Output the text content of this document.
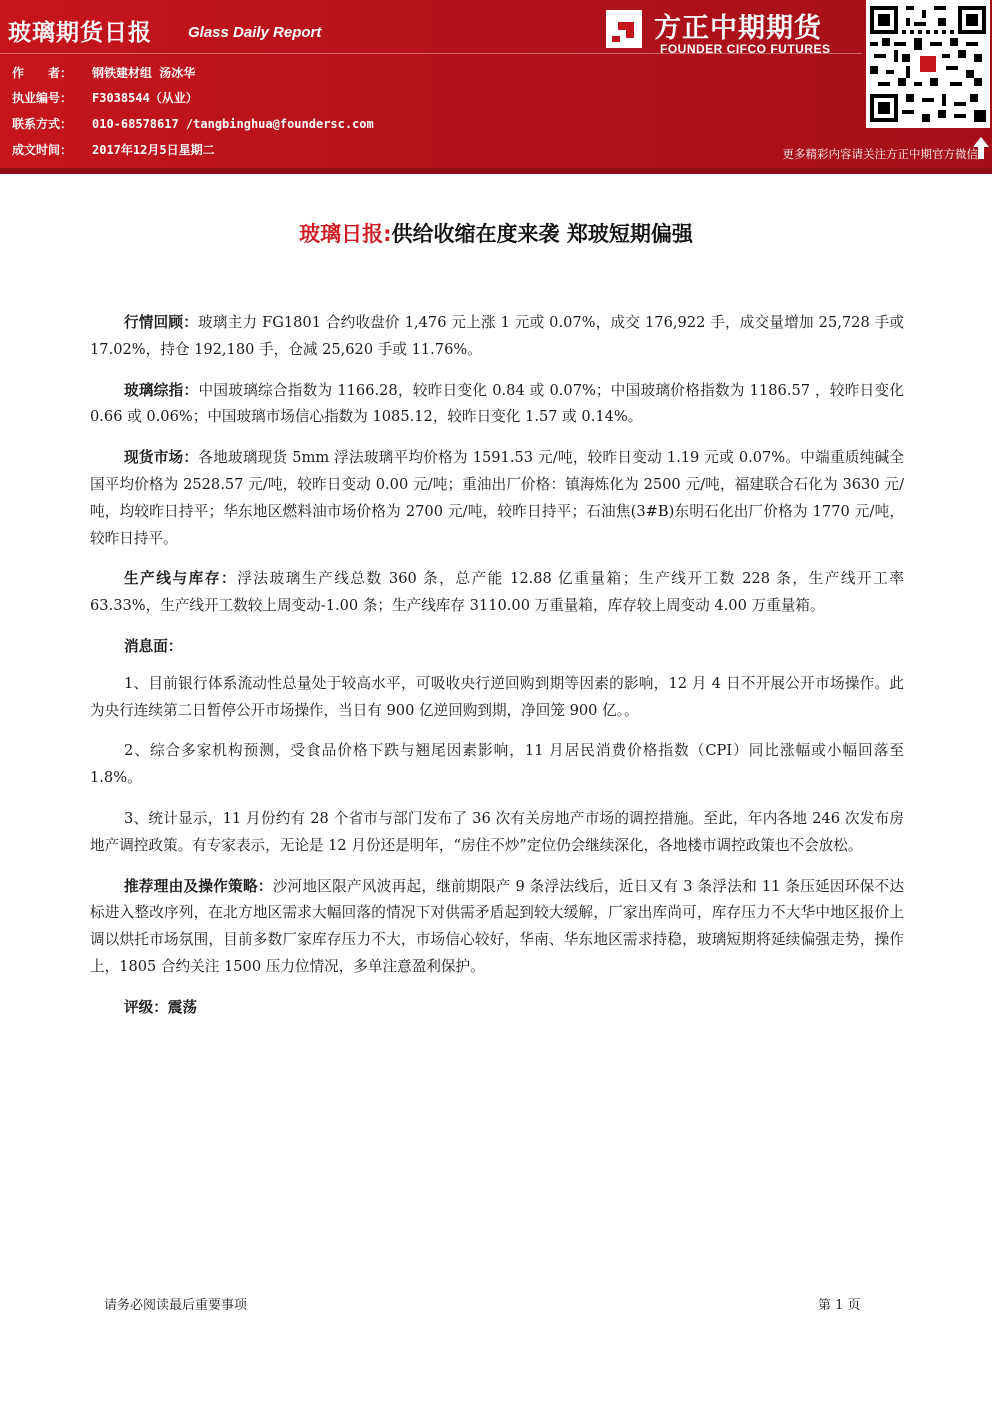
玻璃期货日报 Glass Daily Report
作　　者： 钢铁建材组 汤冰华
执业编号： F3038544（从业）
联系方式： 010-68578617 /tangbinghua@foundersc.com
成文时间： 2017年12月5日星期二
方正中期期货
FOUNDER CIFCO FUTURES
更多精彩内容请关注方正中期官方微信
玻璃日报:供给收缩在度来袭 郑玻短期偏强

行情回顾：玻璃主力 FG1801 合约收盘价 1,476 元上涨 1 元或 0.07%，成交 176,922 手，成交量增加 25,728 手或 17.02%，持仓 192,180 手，仓减 25,620 手或 11.76%。

玻璃综指：中国玻璃综合指数为 1166.28，较昨日变化 0.84 或 0.07%；中国玻璃价格指数为 1186.57 ，较昨日变化 0.66 或 0.06%；中国玻璃市场信心指数为 1085.12，较昨日变化 1.57 或 0.14%。

现货市场：各地玻璃现货 5mm 浮法玻璃平均价格为 1591.53 元/吨，较昨日变动 1.19 元或 0.07%。中端重质纯碱全国平均价格为 2528.57 元/吨，较昨日变动 0.00 元/吨；重油出厂价格：镇海炼化为 2500 元/吨，福建联合石化为 3630 元/吨，均较昨日持平；华东地区燃料油市场价格为 2700 元/吨，较昨日持平；石油焦(3#B)东明石化出厂价格为 1770 元/吨，较昨日持平。

生产线与库存：浮法玻璃生产线总数 360 条，总产能 12.88 亿重量箱；生产线开工数 228 条，生产线开工率 63.33%，生产线开工数较上周变动-1.00 条；生产线库存 3110.00 万重量箱，库存较上周变动 4.00 万重量箱。

消息面：

1、目前银行体系流动性总量处于较高水平，可吸收央行逆回购到期等因素的影响，12 月 4 日不开展公开市场操作。此为央行连续第二日暂停公开市场操作，当日有 900 亿逆回购到期，净回笼 900 亿。。

2、综合多家机构预测，受食品价格下跌与翘尾因素影响，11 月居民消费价格指数（CPI）同比涨幅或小幅回落至 1.8%。

3、统计显示，11 月份约有 28 个省市与部门发布了 36 次有关房地产市场的调控措施。至此，年内各地 246 次发布房地产调控政策。有专家表示，无论是 12 月份还是明年，“房住不炒”定位仍会继续深化，各地楼市调控政策也不会放松。

推荐理由及操作策略：沙河地区限产风波再起，继前期限产 9 条浮法线后，近日又有 3 条浮法和 11 条压延因环保不达标进入整改序列，在北方地区需求大幅回落的情况下对供需矛盾起到较大缓解，厂家出库尚可，库存压力不大华中地区报价上调以烘托市场氛围，目前多数厂家库存压力不大，市场信心较好，华南、华东地区需求持稳，玻璃短期将延续偏强走势，操作上，1805 合约关注 1500 压力位情况，多单注意盈利保护。

评级：震荡

请务必阅读最后重要事项	第 1 页
